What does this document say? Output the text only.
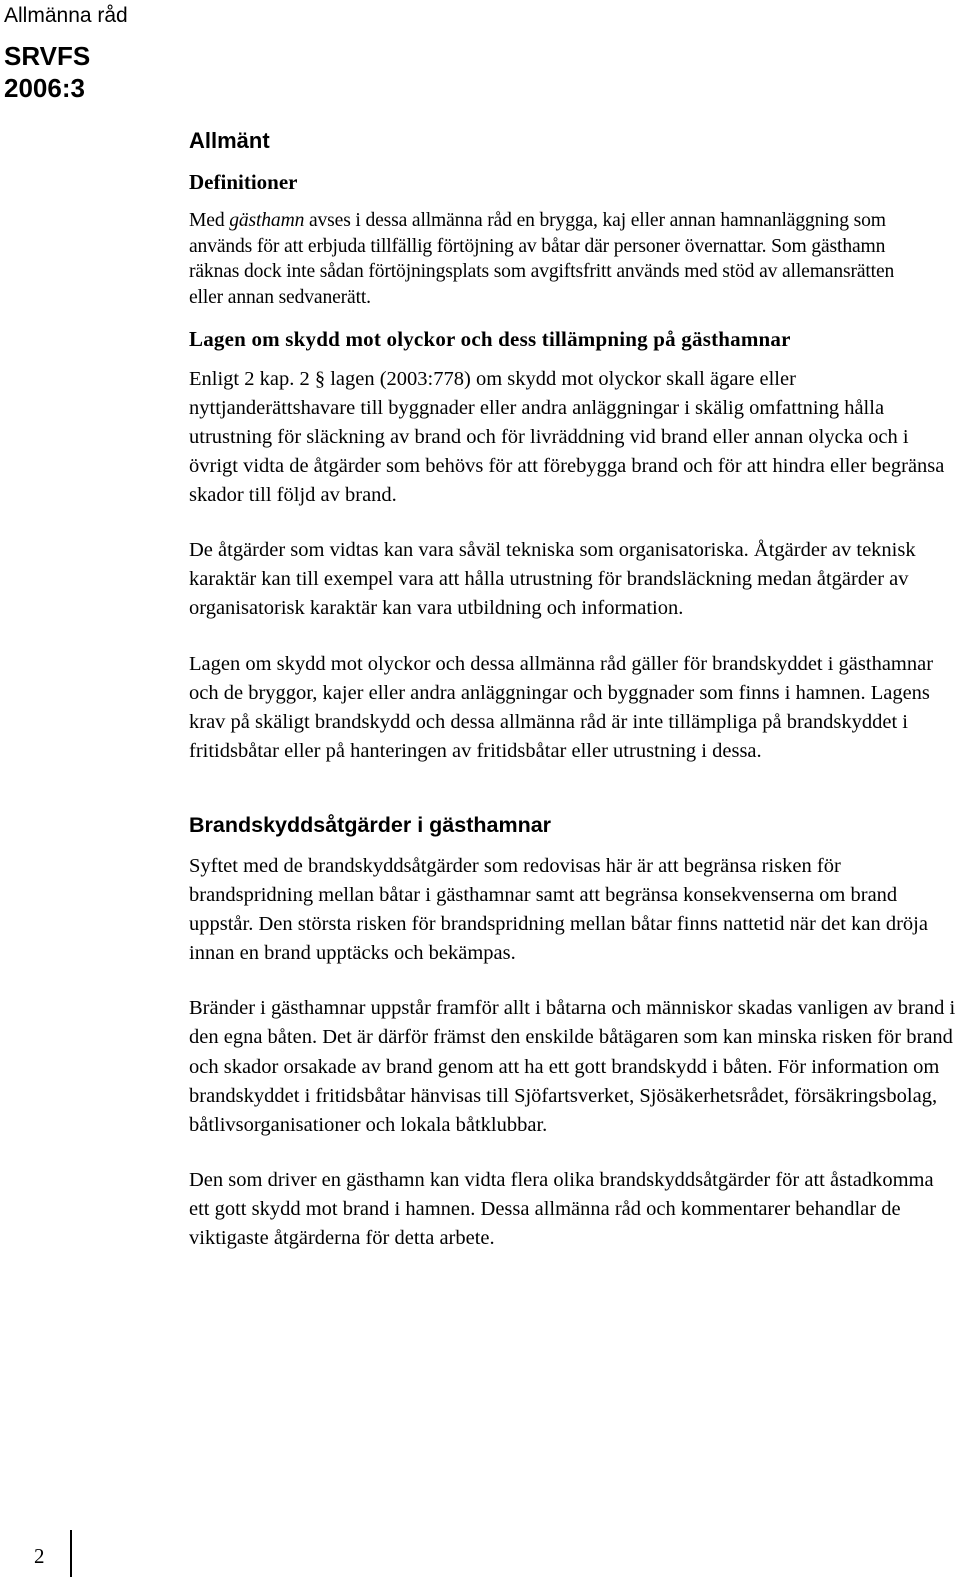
Allmänna råd
SRVFS 2006:3
Allmänt
Definitioner

Med gästhamn avses i dessa allmänna råd en brygga, kaj eller annan hamnanläggning som används för att erbjuda tillfällig förtöjning av båtar där personer övernattar. Som gästhamn räknas dock inte sådan förtöjningsplats som avgiftsfritt används med stöd av allemansrätten eller annan sedvanerätt.

Lagen om skydd mot olyckor och dess tillämpning på gästhamnar

Enligt 2 kap. 2 § lagen (2003:778) om skydd mot olyckor skall ägare eller nyttjanderättshavare till byggnader eller andra anläggningar i skälig omfattning hålla utrustning för släckning av brand och för livräddning vid brand eller annan olycka och i övrigt vidta de åtgärder som behövs för att förebygga brand och för att hindra eller begränsa skador till följd av brand.

De åtgärder som vidtas kan vara såväl tekniska som organisatoriska. Åtgärder av teknisk karaktär kan till exempel vara att hålla utrustning för brandsläckning medan åtgärder av organisatorisk karaktär kan vara utbildning och information.

Lagen om skydd mot olyckor och dessa allmänna råd gäller för brandskyddet i gästhamnar och de bryggor, kajer eller andra anläggningar och byggnader som finns i hamnen. Lagens krav på skäligt brandskydd och dessa allmänna råd är inte tillämpliga på brandskyddet i fritidsbåtar eller på hanteringen av fritidsbåtar eller utrustning i dessa.

Brandskyddsåtgärder i gästhamnar

Syftet med de brandskyddsåtgärder som redovisas här är att begränsa risken för brandspridning mellan båtar i gästhamnar samt att begränsa konsekvenserna om brand uppstår. Den största risken för brandspridning mellan båtar finns nattetid när det kan dröja innan en brand upptäcks och bekämpas.

Bränder i gästhamnar uppstår framför allt i båtarna och människor skadas vanligen av brand i den egna båten. Det är därför främst den enskilde båtägaren som kan minska risken för brand och skador orsakade av brand genom att ha ett gott brandskydd i båten. För information om brandskyddet i fritidsbåtar hänvisas till Sjöfartsverket, Sjösäkerhetsrådet, försäkringsbolag, båtlivsorganisationer och lokala båtklubbar.

Den som driver en gästhamn kan vidta flera olika brandskyddsåtgärder för att åstadkomma ett gott skydd mot brand i hamnen. Dessa allmänna råd och kommentarer behandlar de viktigaste åtgärderna för detta arbete.

2
